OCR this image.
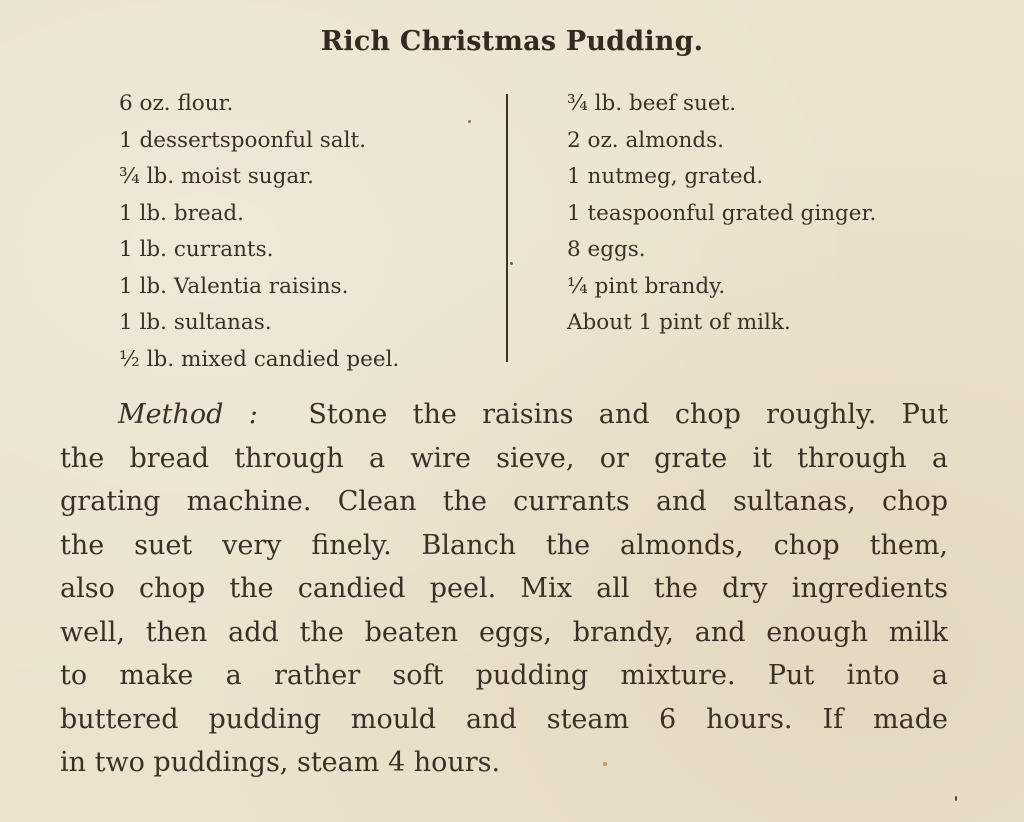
Rich Christmas Pudding.
6 oz. flour.
1 dessertspoonful salt.
¾ lb. moist sugar.
1 lb. bread.
1 lb. currants.
1 lb. Valentia raisins.
1 lb. sultanas.
½ lb. mixed candied peel.
¾ lb. beef suet.
2 oz. almonds.
1 nutmeg, grated.
1 teaspoonful grated ginger.
8 eggs.
¼ pint brandy.
About 1 pint of milk.
Method : Stone the raisins and chop roughly. Put
the bread through a wire sieve, or grate it through a
grating machine. Clean the currants and sultanas, chop
the suet very finely. Blanch the almonds, chop them,
also chop the candied peel. Mix all the dry ingredients
well, then add the beaten eggs, brandy, and enough milk
to make a rather soft pudding mixture. Put into a
buttered pudding mould and steam 6 hours. If made
in two puddings, steam 4 hours.
